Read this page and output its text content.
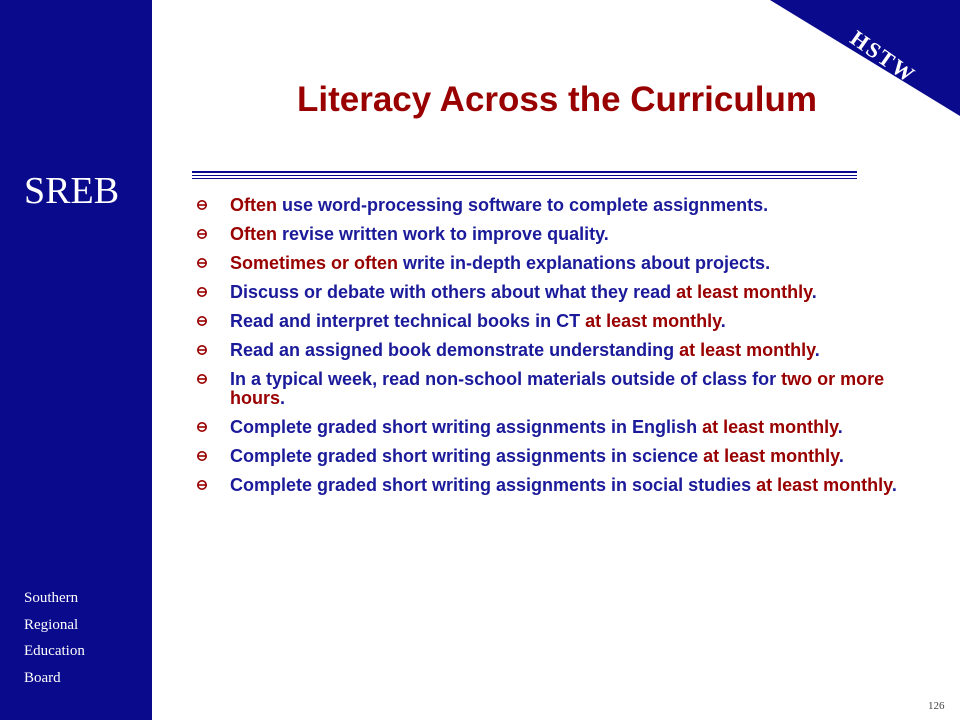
SREB
Southern
Regional
Education
Board
HSTW
Literacy Across the Curriculum
Often use word-processing software to complete assignments.
Often revise written work to improve quality.
Sometimes or often write in-depth explanations about projects.
Discuss or debate with others about what they read at least monthly.
Read and interpret technical books in CT at least monthly.
Read an assigned book demonstrate understanding at least monthly.
In a typical week, read non-school materials outside of class for two or more hours.
Complete graded short writing assignments in English at least monthly.
Complete graded short writing assignments in science at least monthly.
Complete graded short writing assignments in social studies at least monthly.
126
